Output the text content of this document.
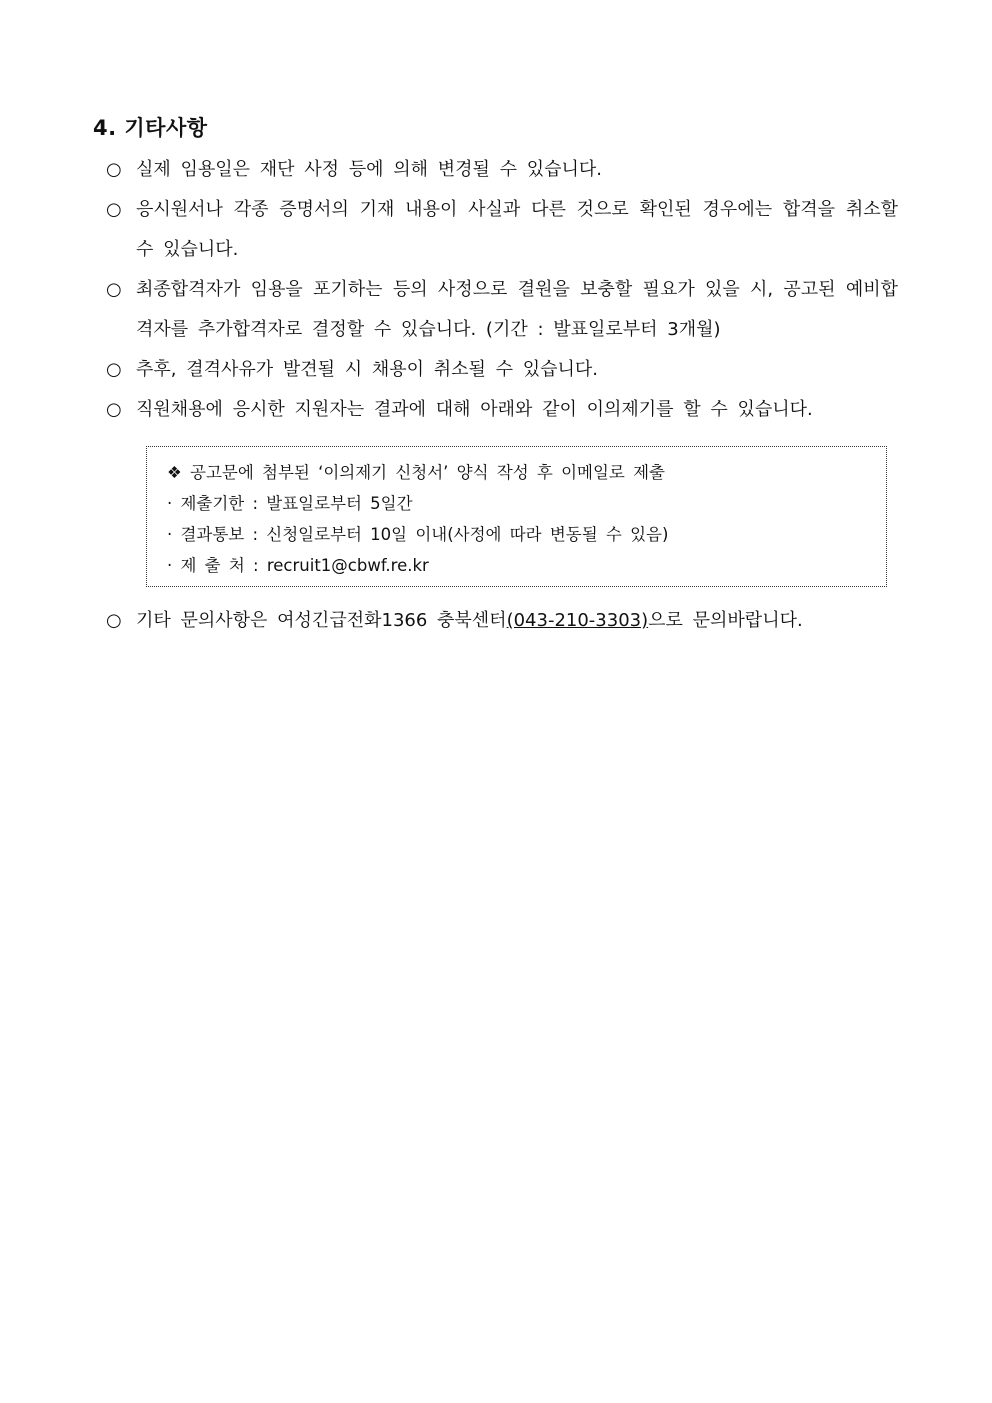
4. 기타사항
○ 실제 임용일은 재단 사정 등에 의해 변경될 수 있습니다.
○ 응시원서나 각종 증명서의 기재 내용이 사실과 다른 것으로 확인된 경우에는 합격을 취소할 수 있습니다.
○ 최종합격자가 임용을 포기하는 등의 사정으로 결원을 보충할 필요가 있을 시, 공고된 예비합격자를 추가합격자로 결정할 수 있습니다. (기간 : 발표일로부터 3개월)
○ 추후, 결격사유가 발견될 시 채용이 취소될 수 있습니다.
○ 직원채용에 응시한 지원자는 결과에 대해 아래와 같이 이의제기를 할 수 있습니다.
❖ 공고문에 첨부된 ‘이의제기 신청서’ 양식 작성 후 이메일로 제출
· 제출기한 : 발표일로부터 5일간
· 결과통보 : 신청일로부터 10일 이내(사정에 따라 변동될 수 있음)
· 제 출 처 : recruit1@cbwf.re.kr
○ 기타 문의사항은 여성긴급전화1366 충북센터(043-210-3303)으로 문의바랍니다.
